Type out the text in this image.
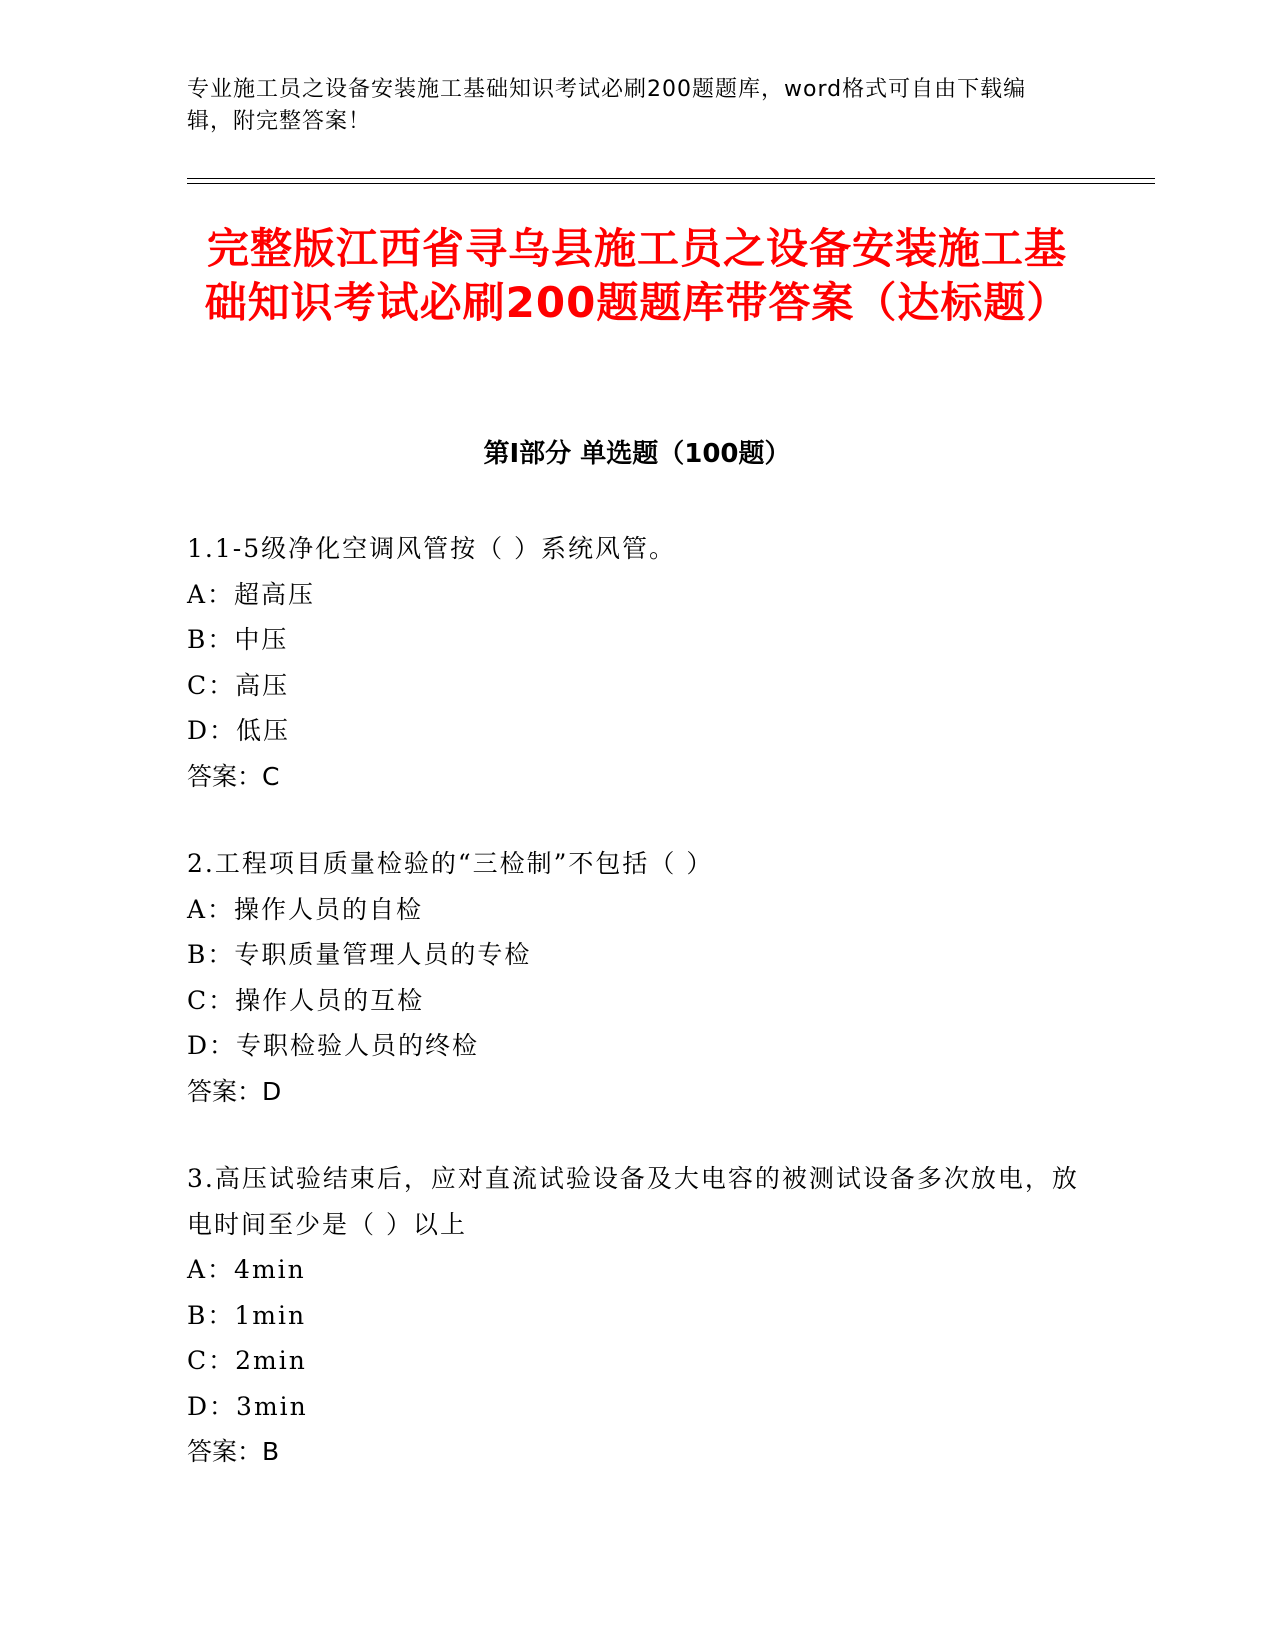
专业施工员之设备安装施工基础知识考试必刷200题题库，word格式可自由下载编辑，附完整答案！
完整版江西省寻乌县施工员之设备安装施工基础知识考试必刷200题题库带答案（达标题）
第I部分 单选题（100题）

1.1-5级净化空调风管按（ ）系统风管。

A：超高压

B：中压

C：高压

D：低压

答案：C

2.工程项目质量检验的“三检制”不包括（ ）

A：操作人员的自检

B：专职质量管理人员的专检

C：操作人员的互检

D：专职检验人员的终检

答案：D

3.高压试验结束后，应对直流试验设备及大电容的被测试设备多次放电，放电时间至少是（ ）以上

A：4min

B：1min

C：2min

D：3min

答案：B
